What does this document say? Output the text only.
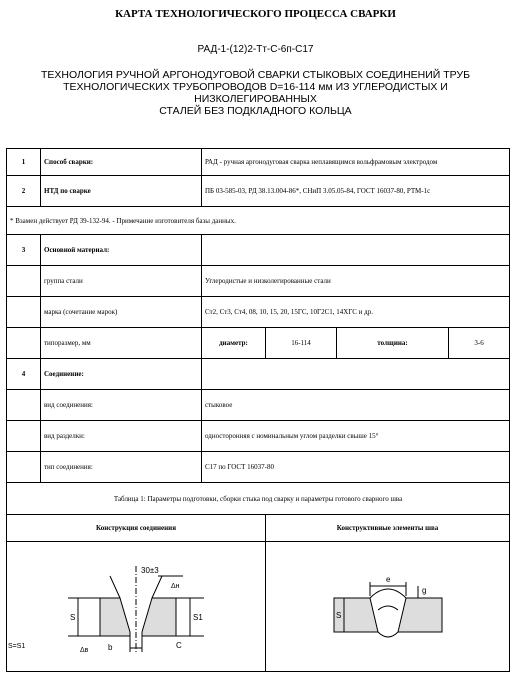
КАРТА ТЕХНОЛОГИЧЕСКОГО ПРОЦЕССА СВАРКИ
РАД-1-(12)2-Тт-С-6п-С17
ТЕХНОЛОГИЯ РУЧНОЙ АРГОНОДУГОВОЙ СВАРКИ СТЫКОВЫХ СОЕДИНЕНИЙ ТРУБ
ТЕХНОЛОГИЧЕСКИХ ТРУБОПРОВОДОВ D=16-114 мм ИЗ УГЛЕРОДИСТЫХ И НИЗКОЛЕГИРОВАННЫХ
СТАЛЕЙ БЕЗ ПОДКЛАДНОГО КОЛЬЦА
1	Способ сварки:	РАД - ручная аргонодуговая сварка неплавящимся вольфрамовым электродом			
2	НТД по сварке	ПБ 03-585-03, РД 38.13.004-86*, СНиП 3.05.05-84, ГОСТ 16037-80, РТМ-1с			
* Взамен действует РД 39-132-94. - Примечание изготовителя базы данных.					
3	Основной материал:				
	группа стали	Углеродистые и низколегированные стали			
	марка (сочетание марок)	Ст2, Ст3, Ст4, 08, 10, 15, 20, 15ГС, 10Г2С1, 14ХГС и др.			
	типоразмер, мм	диаметр:	16-114	толщина:	3-6
4	Соединение:				
	вид соединения:	стыковое			
	вид разделки:	односторонняя с номинальным углом разделки свыше 15°			
	тип соединения:	С17 по ГОСТ 16037-80			
Таблица 1: Параметры подготовки, сборки стыка под сварку и параметры готового сварного шва					
Конструкция соединения			Конструктивные элементы шва		

30±3
S	S1
Δн
Δв b	C
S=S1
e
g
S
